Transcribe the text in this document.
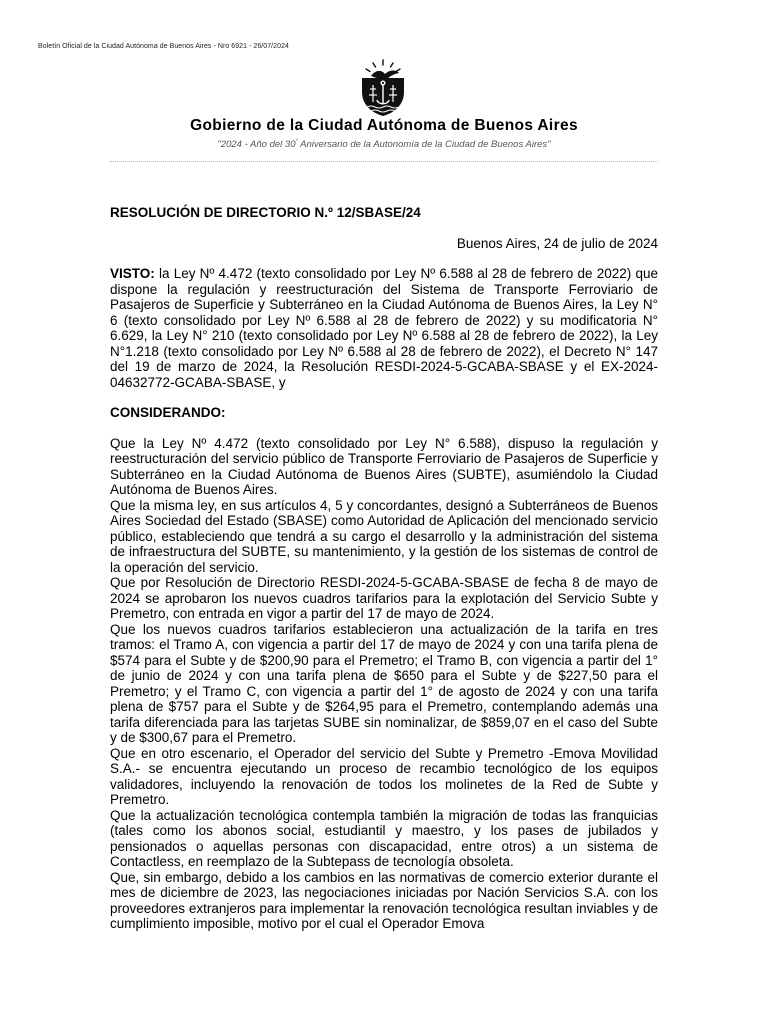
Boletín Oficial de la Ciudad Autónoma de Buenos Aires - Nro 6921 - 26/07/2024
Gobierno de la Ciudad Autónoma de Buenos Aires
"2024 - Año del 30° Aniversario de la Autonomía de la Ciudad de Buenos Aires"
RESOLUCIÓN DE DIRECTORIO N.º 12/SBASE/24
Buenos Aires, 24 de julio de 2024

VISTO: la Ley Nº 4.472 (texto consolidado por Ley Nº 6.588 al 28 de febrero de 2022) que dispone la regulación y reestructuración del Sistema de Transporte Ferroviario de Pasajeros de Superficie y Subterráneo en la Ciudad Autónoma de Buenos Aires, la Ley N° 6 (texto consolidado por Ley Nº 6.588 al 28 de febrero de 2022) y su modificatoria N° 6.629, la Ley N° 210 (texto consolidado por Ley Nº 6.588 al 28 de febrero de 2022), la Ley N°1.218 (texto consolidado por Ley Nº 6.588 al 28 de febrero de 2022), el Decreto N° 147 del 19 de marzo de 2024, la Resolución RESDI-2024-5-GCABA-SBASE y el EX-2024-04632772-GCABA-SBASE, y

CONSIDERANDO:

Que la Ley Nº 4.472 (texto consolidado por Ley N° 6.588), dispuso la regulación y reestructuración del servicio público de Transporte Ferroviario de Pasajeros de Superficie y Subterráneo en la Ciudad Autónoma de Buenos Aires (SUBTE), asumiéndolo la Ciudad Autónoma de Buenos Aires.

Que la misma ley, en sus artículos 4, 5 y concordantes, designó a Subterráneos de Buenos Aires Sociedad del Estado (SBASE) como Autoridad de Aplicación del mencionado servicio público, estableciendo que tendrá a su cargo el desarrollo y la administración del sistema de infraestructura del SUBTE, su mantenimiento, y la gestión de los sistemas de control de la operación del servicio.

Que por Resolución de Directorio RESDI-2024-5-GCABA-SBASE de fecha 8 de mayo de 2024 se aprobaron los nuevos cuadros tarifarios para la explotación del Servicio Subte y Premetro, con entrada en vigor a partir del 17 de mayo de 2024.

Que los nuevos cuadros tarifarios establecieron una actualización de la tarifa en tres tramos: el Tramo A, con vigencia a partir del 17 de mayo de 2024 y con una tarifa plena de $574 para el Subte y de $200,90 para el Premetro; el Tramo B, con vigencia a partir del 1° de junio de 2024 y con una tarifa plena de $650 para el Subte y de $227,50 para el Premetro; y el Tramo C, con vigencia a partir del 1° de agosto de 2024 y con una tarifa plena de $757 para el Subte y de $264,95 para el Premetro, contemplando además una tarifa diferenciada para las tarjetas SUBE sin nominalizar, de $859,07 en el caso del Subte y de $300,67 para el Premetro.

Que en otro escenario, el Operador del servicio del Subte y Premetro -Emova Movilidad S.A.- se encuentra ejecutando un proceso de recambio tecnológico de los equipos validadores, incluyendo la renovación de todos los molinetes de la Red de Subte y Premetro.

Que la actualización tecnológica contempla también la migración de todas las franquicias (tales como los abonos social, estudiantil y maestro, y los pases de jubilados y pensionados o aquellas personas con discapacidad, entre otros) a un sistema de Contactless, en reemplazo de la Subtepass de tecnología obsoleta.

Que, sin embargo, debido a los cambios en las normativas de comercio exterior durante el mes de diciembre de 2023, las negociaciones iniciadas por Nación Servicios S.A. con los proveedores extranjeros para implementar la renovación tecnológica resultan inviables y de cumplimiento imposible, motivo por el cual el Operador Emova
